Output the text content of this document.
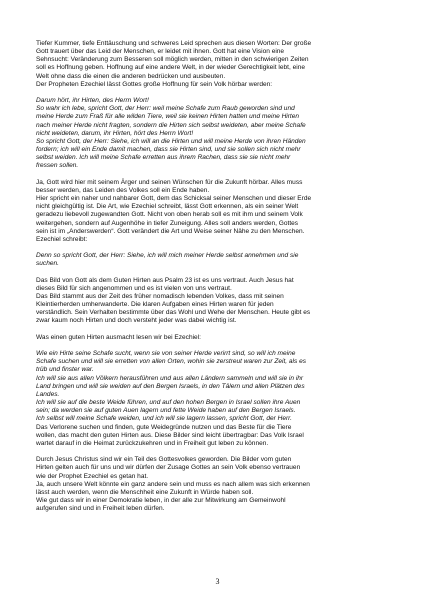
Tiefer Kummer, tiefe Enttäuschung und schweres Leid sprechen aus diesen Worten: Der große
Gott trauert über das Leid der Menschen, er leidet mit ihnen. Gott hat eine Vision eine
Sehnsucht: Veränderung zum Besseren soll möglich werden, mitten in den schwierigen Zeiten
soll es Hoffnung geben. Hoffnung auf eine andere Welt, in der wieder Gerechtigkeit lebt, eine
Welt ohne dass die einen die anderen bedrücken und ausbeuten.
Der Propheten Ezechiel lässt Gottes große Hoffnung für sein Volk hörbar werden:

Darum hört, ihr Hirten, des Herrn Wort!
So wahr ich lebe, spricht Gott, der Herr: weil meine Schafe zum Raub geworden sind und
meine Herde zum Fraß für alle wilden Tiere, weil sie keinen Hirten hatten und meine Hirten
nach meiner Herde nicht fragten, sondern die Hirten sich selbst weideten, aber meine Schafe
nicht weideten, darum, ihr Hirten, hört des Herrn Wort!
So spricht Gott, der Herr: Siehe, ich will an die Hirten und will meine Herde von ihren Händen
fordern; ich will ein Ende damit machen, dass sie Hirten sind, und sie sollen sich nicht mehr
selbst weiden. Ich will meine Schafe erretten aus ihrem Rachen, dass sie sie nicht mehr
fressen sollen.

Ja, Gott wird hier mit seinem Ärger und seinen Wünschen für die Zukunft hörbar. Alles muss
besser werden, das Leiden des Volkes soll ein Ende haben.
Hier spricht ein naher und nahbarer Gott, dem das Schicksal seiner Menschen und dieser Erde
nicht gleichgültig ist. Die Art, wie Ezechiel schreibt, lässt Gott erkennen, als ein seiner Welt
geradezu liebevoll zugewandten Gott. Nicht von oben herab soll es mit ihm und seinem Volk
weitergehen, sondern auf Augenhöhe in tiefer Zuneigung. Alles soll anders werden, Gottes
sein ist im „Anderswerden“. Gott verändert die Art und Weise seiner Nähe zu den Menschen.
Ezechiel schreibt:

Denn so spricht Gott, der Herr: Siehe, ich will mich meiner Herde selbst annehmen und sie
suchen.

Das Bild von Gott als dem Guten Hirten aus Psalm 23 ist es uns vertraut. Auch Jesus hat
dieses Bild für sich angenommen und es ist vielen von uns vertraut.
Das Bild stammt aus der Zeit des früher nomadisch lebenden Volkes, dass mit seinen
Kleintierherden umherwanderte. Die klaren Aufgaben eines Hirten waren für jeden
verständlich. Sein Verhalten bestimmte über das Wohl und Wehe der Menschen. Heute gibt es
zwar kaum noch Hirten und doch versteht jeder was dabei wichtig ist.

Was einen guten Hirten ausmacht lesen wir bei Ezechiel:

Wie ein Hirte seine Schafe sucht, wenn sie von seiner Herde verirrt sind, so will ich meine
Schafe suchen und will sie erretten von allen Orten, wohin sie zerstreut waren zur Zeit, als es
trüb und finster war.
Ich will sie aus allen Völkern herausführen und aus allen Ländern sammeln und will sie in ihr
Land bringen und will sie weiden auf den Bergen Israels, in den Tälern und allen Plätzen des
Landes.
Ich will sie auf die beste Weide führen, und auf den hohen Bergen in Israel sollen ihre Auen
sein; da werden sie auf guten Auen lagern und fette Weide haben auf den Bergen Israels.
Ich selbst will meine Schafe weiden, und ich will sie lagern lassen, spricht Gott, der Herr.

Das Verlorene suchen und finden, gute Weidegründe nutzen und das Beste für die Tiere
wollen, das macht den guten Hirten aus. Diese Bilder sind leicht übertragbar: Das Volk Israel
wartet darauf in die Heimat zurückzukehren und in Freiheit gut leben zu können.

Durch Jesus Christus sind wir ein Teil des Gottesvolkes geworden. Die Bilder vom guten
Hirten gelten auch für uns und wir dürfen der Zusage Gottes an sein Volk ebenso vertrauen
wie der Prophet Ezechiel es getan hat.
Ja, auch unsere Welt könnte ein ganz andere sein und muss es nach allem was sich erkennen
lässt auch werden, wenn die Menschheit eine Zukunft in Würde haben soll.
Wie gut dass wir in einer Demokratie leben, in der alle zur Mitwirkung am Gemeinwohl
aufgerufen sind und in Freiheit leben dürfen.

3
